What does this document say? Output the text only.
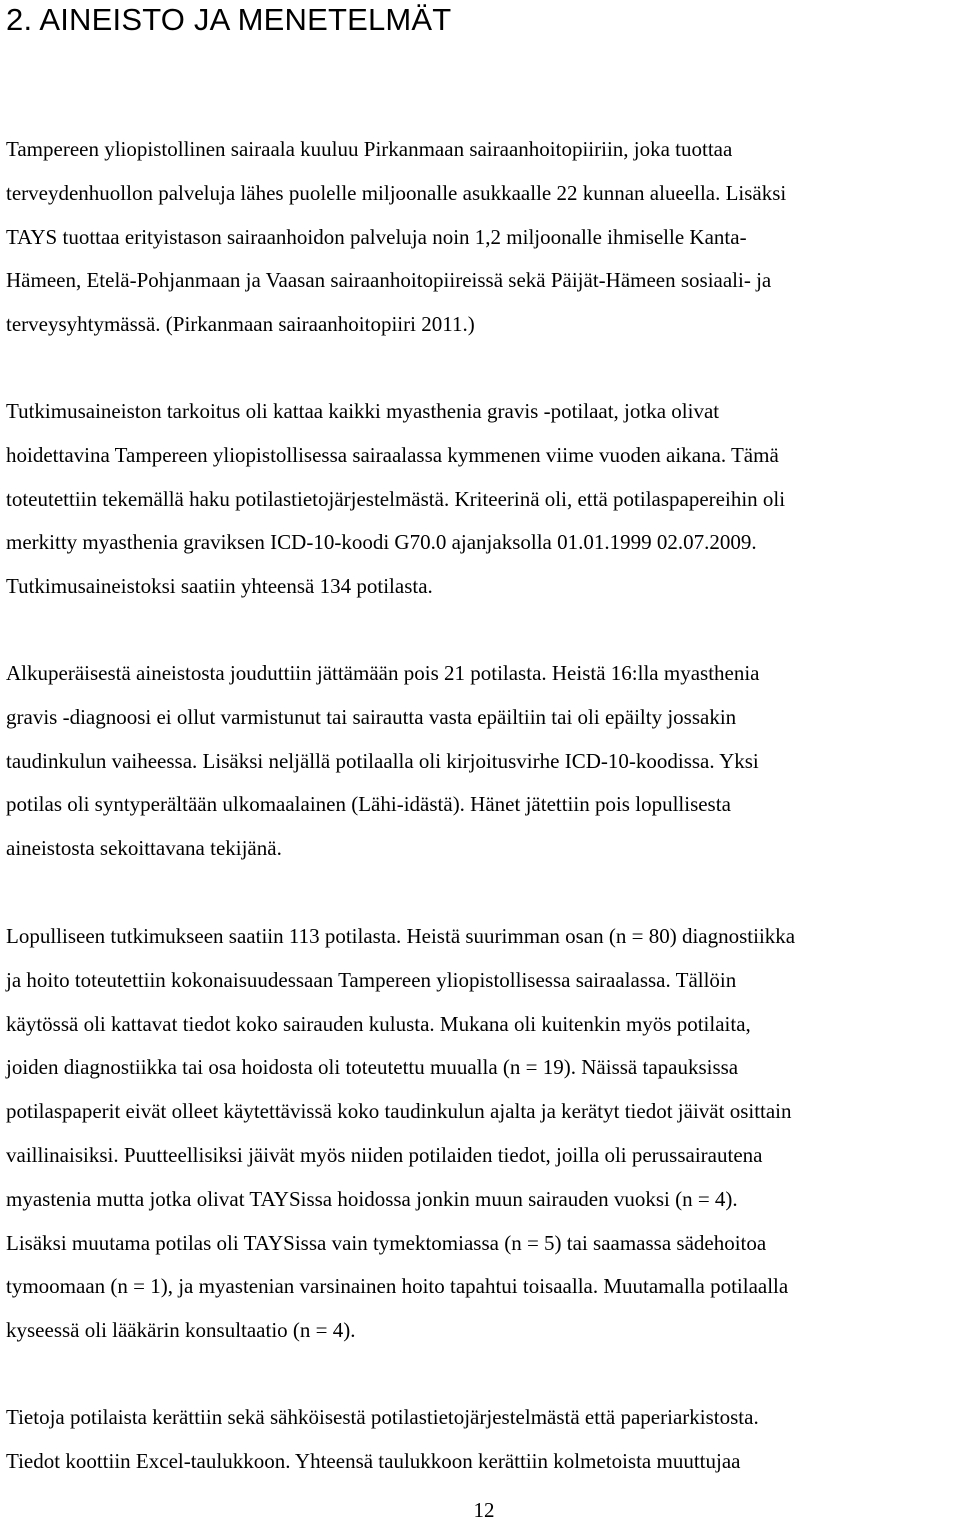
2. AINEISTO JA MENETELMÄT

Tampereen yliopistollinen sairaala kuuluu Pirkanmaan sairaanhoitopiiriin, joka tuottaa
terveydenhuollon palveluja lähes puolelle miljoonalle asukkaalle 22 kunnan alueella. Lisäksi
TAYS tuottaa erityistason sairaanhoidon palveluja noin 1,2 miljoonalle ihmiselle Kanta-
Hämeen, Etelä-Pohjanmaan ja Vaasan sairaanhoitopiireissä sekä Päijät-Hämeen sosiaali- ja
terveysyhtymässä. (Pirkanmaan sairaanhoitopiiri 2011.)

Tutkimusaineiston tarkoitus oli kattaa kaikki myasthenia gravis -potilaat, jotka olivat
hoidettavina Tampereen yliopistollisessa sairaalassa kymmenen viime vuoden aikana. Tämä
toteutettiin tekemällä haku potilastietojärjestelmästä. Kriteerinä oli, että potilaspapereihin oli
merkitty myasthenia graviksen ICD-10-koodi G70.0 ajanjaksolla 01.01.1999 02.07.2009.
Tutkimusaineistoksi saatiin yhteensä 134 potilasta.

Alkuperäisestä aineistosta jouduttiin jättämään pois 21 potilasta. Heistä 16:lla myasthenia
gravis -diagnoosi ei ollut varmistunut tai sairautta vasta epäiltiin tai oli epäilty jossakin
taudinkulun vaiheessa. Lisäksi neljällä potilaalla oli kirjoitusvirhe ICD-10-koodissa. Yksi
potilas oli syntyperältään ulkomaalainen (Lähi-idästä). Hänet jätettiin pois lopullisesta
aineistosta sekoittavana tekijänä.

Lopulliseen tutkimukseen saatiin 113 potilasta. Heistä suurimman osan (n = 80) diagnostiikka
ja hoito toteutettiin kokonaisuudessaan Tampereen yliopistollisessa sairaalassa. Tällöin
käytössä oli kattavat tiedot koko sairauden kulusta. Mukana oli kuitenkin myös potilaita,
joiden diagnostiikka tai osa hoidosta oli toteutettu muualla (n = 19). Näissä tapauksissa
potilaspaperit eivät olleet käytettävissä koko taudinkulun ajalta ja kerätyt tiedot jäivät osittain
vaillinaisiksi. Puutteellisiksi jäivät myös niiden potilaiden tiedot, joilla oli perussairautena
myastenia mutta jotka olivat TAYSissa hoidossa jonkin muun sairauden vuoksi (n = 4).
Lisäksi muutama potilas oli TAYSissa vain tymektomiassa (n = 5) tai saamassa sädehoitoa
tymoomaan (n = 1), ja myastenian varsinainen hoito tapahtui toisaalla. Muutamalla potilaalla
kyseessä oli lääkärin konsultaatio (n = 4).

Tietoja potilaista kerättiin sekä sähköisestä potilastietojärjestelmästä että paperiarkistosta.
Tiedot koottiin Excel-taulukkoon. Yhteensä taulukkoon kerättiin kolmetoista muuttujaa

12
